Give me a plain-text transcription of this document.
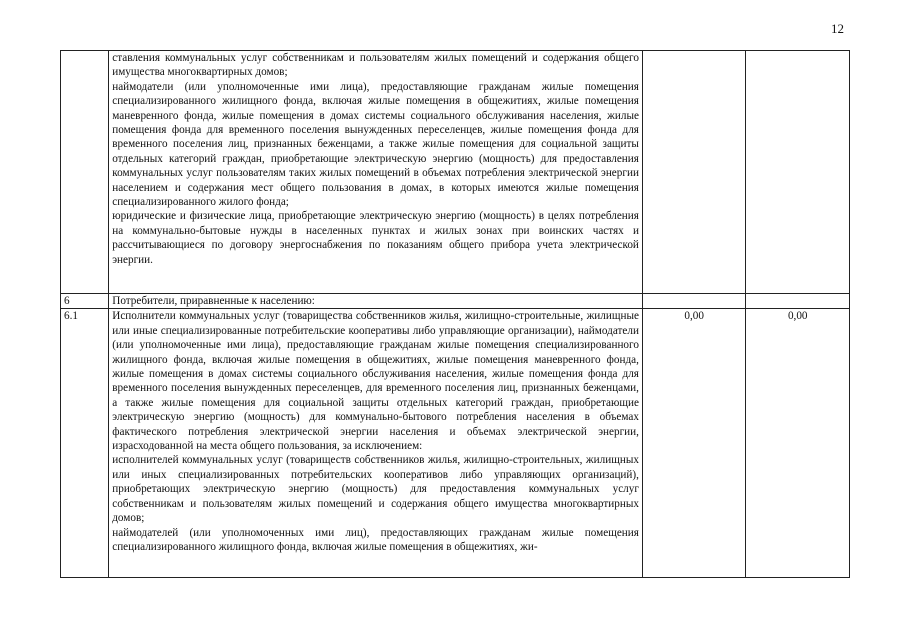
12

	ставления коммунальных услуг собственникам и пользователям жилых помещений и содержания общего имущества многоквартирных домов;
наймодатели (или уполномоченные ими лица), предоставляющие гражданам жилые помещения специализированного жилищного фонда, включая жилые помещения в общежитиях, жилые помещения маневренного фонда, жилые помещения в домах системы социального обслуживания населения, жилые помещения фонда для временного поселения вынужденных переселенцев, жилые помещения фонда для временного поселения лиц, признанных беженцами, а также жилые помещения для социальной защиты отдельных категорий граждан, приобретающие электрическую энергию (мощность) для предоставления коммунальных услуг пользователям таких жилых помещений в объемах потребления электрической энергии населением и содержания мест общего пользования в домах, в которых имеются жилые помещения специализированного жилого фонда;
юридические и физические лица, приобретающие электрическую энергию (мощность) в целях потребления на коммунально-бытовые нужды в населенных пунктах и жилых зонах при воинских частях и рассчитывающиеся по договору энергоснабжения по показаниям общего прибора учета электрической энергии.		

6	Потребители, приравненные к населению:		

6.1	Исполнители коммунальных услуг (товарищества собственников жилья, жилищно-строительные, жилищные или иные специализированные потребительские кооперативы либо управляющие организации), наймодатели (или уполномоченные ими лица), предоставляющие гражданам жилые помещения специализированного жилищного фонда, включая жилые помещения в общежитиях, жилые помещения маневренного фонда, жилые помещения в домах системы социального обслуживания населения, жилые помещения фонда для временного поселения вынужденных переселенцев, для временного поселения лиц, признанных беженцами, а также жилые помещения для социальной защиты отдельных категорий граждан, приобретающие электрическую энергию (мощность) для коммунально-бытового потребления населения в объемах фактического потребления электрической энергии населения и объемах электрической энергии, израсходованной на места общего пользования, за исключением:
исполнителей коммунальных услуг (товариществ собственников жилья, жилищно-строительных, жилищных или иных специализированных потребительских кооперативов либо управляющих организаций), приобретающих электрическую энергию (мощность) для предоставления коммунальных услуг собственникам и пользователям жилых помещений и содержания общего имущества многоквартирных домов;
наймодателей (или уполномоченных ими лиц), предоставляющих гражданам жилые помещения специализированного жилищного фонда, включая жилые помещения в общежитиях, жи-	0,00	0,00
